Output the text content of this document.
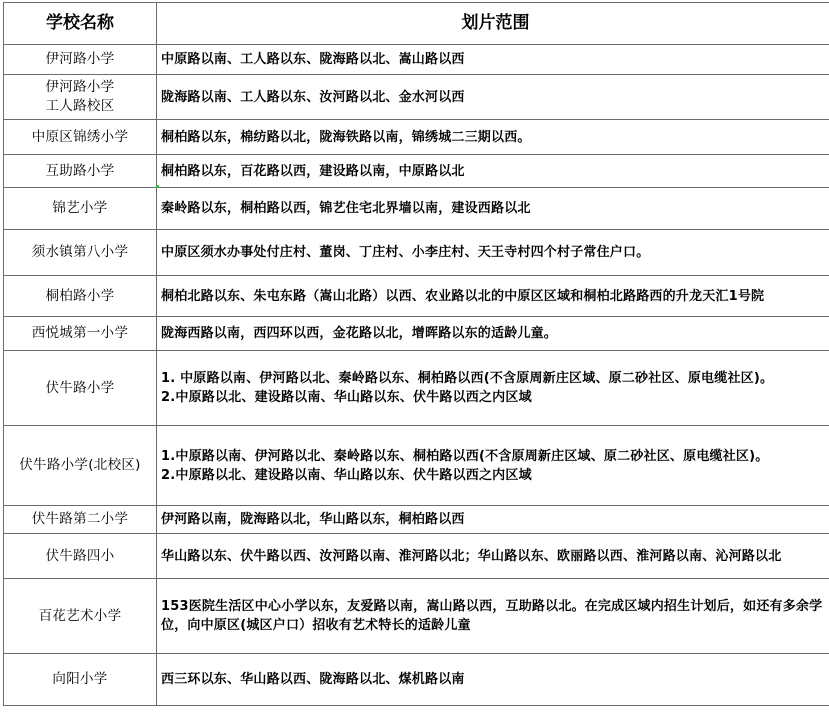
学校名称	划片范围

伊河路小学	中原路以南、工人路以东、陇海路以北、嵩山路以西

伊河路小学
工人路校区	陇海路以南、工人路以东、汝河路以北、金水河以西

中原区锦绣小学	桐柏路以东，棉纺路以北，陇海铁路以南，锦绣城二三期以西。

互助路小学	桐柏路以东，百花路以西，建设路以南，中原路以北

锦艺小学	秦岭路以东，桐柏路以西，锦艺住宅北界墙以南，建设西路以北

须水镇第八小学	中原区须水办事处付庄村、董岗、丁庄村、小李庄村、天王寺村四个村子常住户口。

桐柏路小学	桐柏北路以东、朱屯东路（嵩山北路）以西、农业路以北的中原区区域和桐柏北路路西的升龙天汇1号院

西悦城第一小学	陇海西路以南，西四环以西，金花路以北，增晖路以东的适龄儿童。

伏牛路小学	1. 中原路以南、伊河路以北、秦岭路以东、桐柏路以西(不含原周新庄区域、原二砂社区、原电缆社区)。
2.中原路以北、建设路以南、华山路以东、伏牛路以西之内区域

伏牛路小学(北校区)	1.中原路以南、伊河路以北、秦岭路以东、桐柏路以西(不含原周新庄区域、原二砂社区、原电缆社区)。
2.中原路以北、建设路以南、华山路以东、伏牛路以西之内区域

伏牛路第二小学	伊河路以南，陇海路以北，华山路以东，桐柏路以西

伏牛路四小	华山路以东、伏牛路以西、汝河路以南、淮河路以北；华山路以东、欧丽路以西、淮河路以南、沁河路以北

百花艺术小学	153医院生活区中心小学以东，友爱路以南，嵩山路以西，互助路以北。在完成区域内招生计划后，如还有多余学位，向中原区(城区户口）招收有艺术特长的适龄儿童

向阳小学	西三环以东、华山路以西、陇海路以北、煤机路以南
